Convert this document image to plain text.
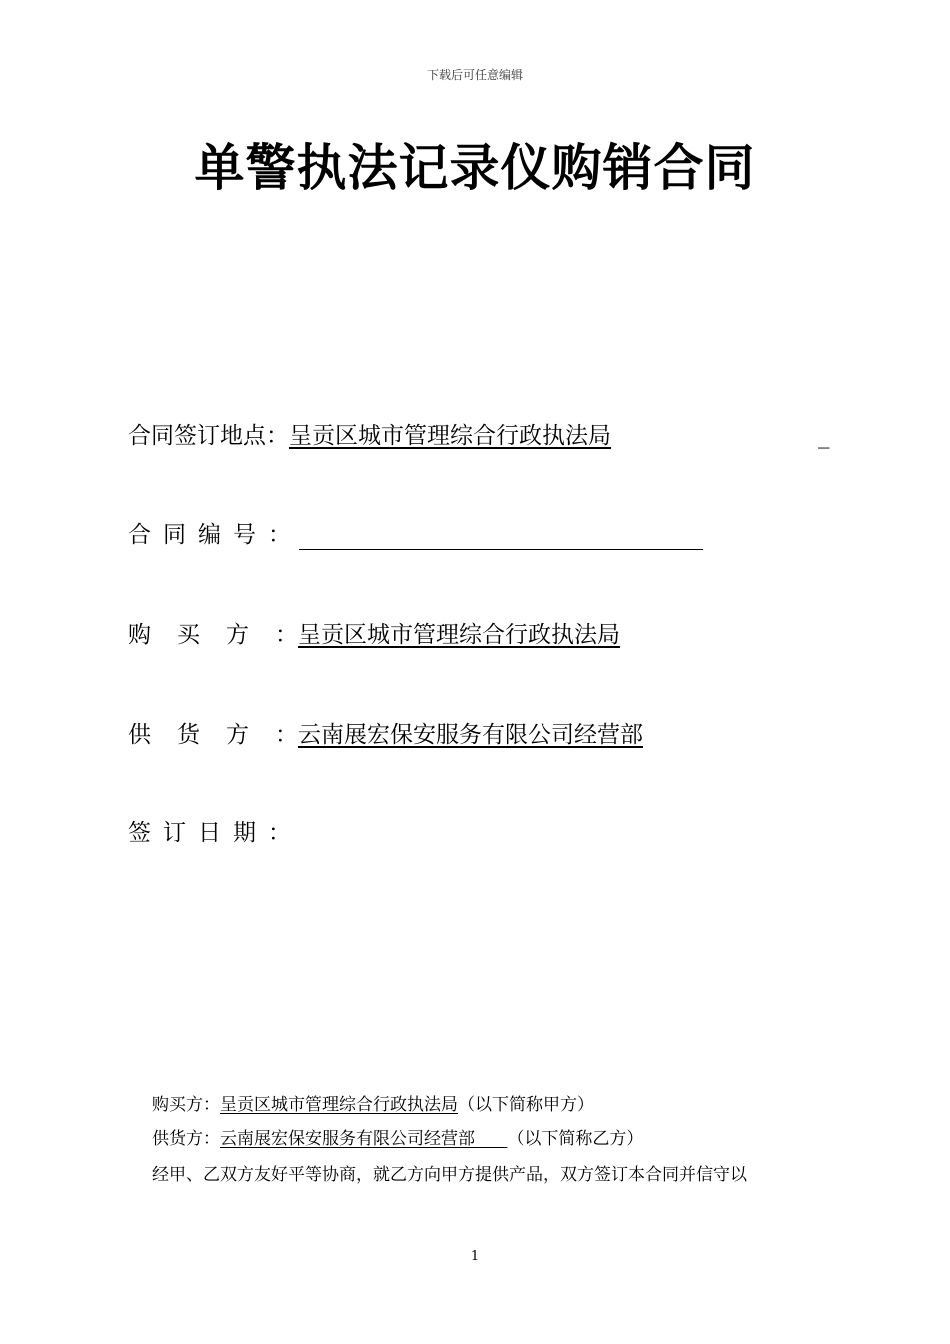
下载后可任意编辑
单警执法记录仪购销合同
合同签订地点：呈贡区城市管理综合行政执法局	_
合同编号：
购买方：呈贡区城市管理综合行政执法局
供货方：云南展宏保安服务有限公司经营部
签订日期：
购买方：呈贡区城市管理综合行政执法局（以下简称甲方）
供货方：云南展宏保安服务有限公司经营部 （以下简称乙方）
经甲、乙双方友好平等协商，就乙方向甲方提供产品，双方签订本合同并信守以
1
